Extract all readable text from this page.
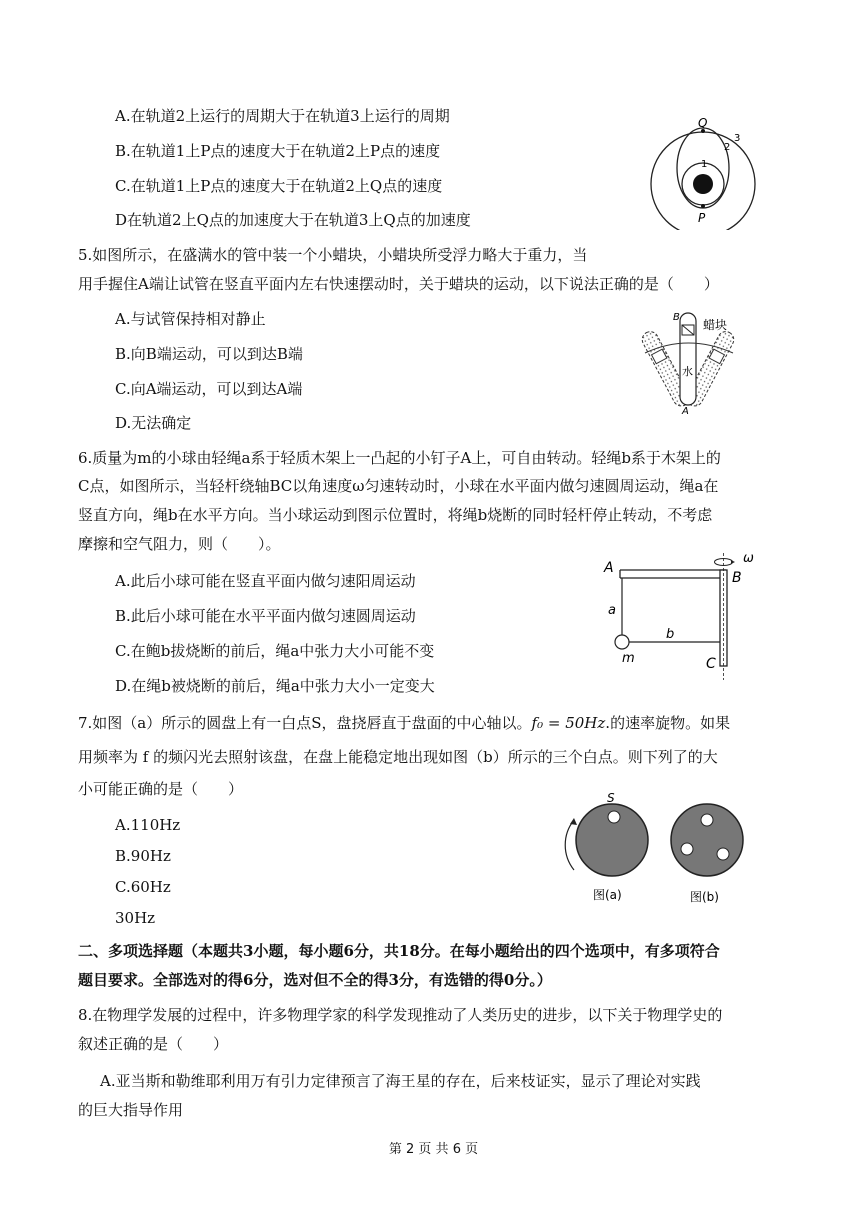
A.在轨道2上运行的周期大于在轨道3上运行的周期
B.在轨道1上P点的速度大于在轨道2上P点的速度
C.在轨道1上P点的速度大于在轨道2上Q点的速度
D在轨道2上Q点的加速度大于在轨道3上Q点的加速度
Q
P
1
2
3
5.如图所示，在盛满水的管中装一个小蜡块，小蜡块所受浮力略大于重力，当
用手握住A端让试管在竖直平面内左右快速摆动时，关于蜡块的运动，以下说法正确的是（　　）
A.与试管保持相对静止
B.向B端运动，可以到达B端
C.向A端运动，可以到达A端
D.无法确定
B
A
蜡块
水
6.质量为m的小球由轻绳a系于轻质木架上一凸起的小钉子A上，可自由转动。轻绳b系于木架上的
C点，如图所示，当轻杆绕轴BC以角速度ω匀速转动时，小球在水平面内做匀速圆周运动，绳a在
竖直方向，绳b在水平方向。当小球运动到图示位置时，将绳b烧断的同时轻杆停止转动，不考虑
摩擦和空气阻力，则（　　）。
A.此后小球可能在竖直平面内做匀速阳周运动
B.此后小球可能在水平平面内做匀速圆周运动
C.在鲍b拔烧断的前后，绳a中张力大小可能不变
D.在绳b被烧断的前后，绳a中张力大小一定变大
A
B
C
a
b
m
ω
7.如图（a）所示的圆盘上有一白点S，盘挠唇直于盘面的中心轴以。f₀ = 50Hz.的速率旋物。如果
用频率为 f 的频闪光去照射该盘，在盘上能稳定地出现如图（b）所示的三个白点。则下列了的大
小可能正确的是（　　）
A.110Hz
B.90Hz
C.60Hz
30Hz
S
图(a)	图(b)
二、多项选择题（本题共3小题，每小题6分，共18分。在每小题给出的四个选项中，有多项符合
题目要求。全部选对的得6分，选对但不全的得3分，有选错的得0分。）
8.在物理学发展的过程中，许多物理学家的科学发现推动了人类历史的进步，以下关于物理学史的
叙述正确的是（　　）
A.亚当斯和勒维耶利用万有引力定律预言了海王星的存在，后来枝证实，显示了理论对实践
的巨大指导作用
第 2 页 共 6 页
